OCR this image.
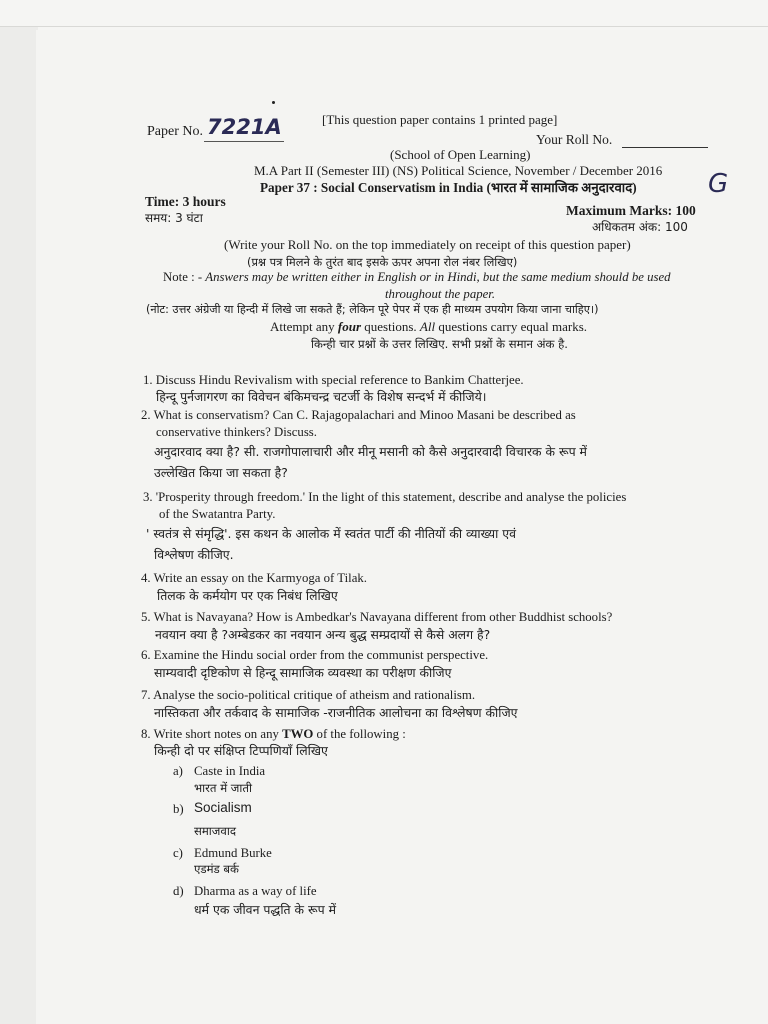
Paper No. 7221A	[This question paper contains 1 printed page]
Your Roll No.
(School of Open Learning)
M.A Part II (Semester III) (NS) Political Science, November / December 2016
Paper 37 : Social Conservatism in India (भारत में सामाजिक अनुदारवाद)	G
Time: 3 hours
समय: 3 घंटा	Maximum Marks: 100
अधिकतम अंक: 100
(Write your Roll No. on the top immediately on receipt of this question paper)
(प्रश्न पत्र मिलने के तुरंत बाद इसके ऊपर अपना रोल नंबर लिखिए)
Note : - Answers may be written either in English or in Hindi, but the same medium should be used
throughout the paper.
(नोट: उत्तर अंग्रेजी या हिन्दी में लिखे जा सकते हैं; लेकिन पूरे पेपर में एक ही माध्यम उपयोग किया जाना चाहिए।)
Attempt any four questions. All questions carry equal marks.
किन्ही चार प्रश्नों के उत्तर लिखिए. सभी प्रश्नों के समान अंक है.
1. Discuss Hindu Revivalism with special reference to Bankim Chatterjee.
हिन्दू पुर्नजागरण का विवेचन बंकिमचन्द्र चटर्जी के विशेष सन्दर्भ में कीजिये।
2. What is conservatism? Can C. Rajagopalachari and Minoo Masani be described as
conservative thinkers? Discuss.
अनुदारवाद क्या है? सी. राजगोपालाचारी और मीनू मसानी को कैसे अनुदारवादी विचारक के रूप में
उल्लेखित किया जा सकता है?
3. 'Prosperity through freedom.' In the light of this statement, describe and analyse the policies
of the Swatantra Party.
' स्वतंत्र से संमृद्धि'. इस कथन के आलोक में स्वतंत पार्टी की नीतियों की व्याख्या एवं
विश्लेषण कीजिए.
4. Write an essay on the Karmyoga of Tilak.
तिलक के कर्मयोग पर एक निबंध लिखिए
5. What is Navayana? How is Ambedkar's Navayana different from other Buddhist schools?
नवयान क्या है ?अम्बेडकर का नवयान अन्य बुद्ध सम्प्रदायों से कैसे अलग है?
6. Examine the Hindu social order from the communist perspective.
साम्यवादी दृष्टिकोण से हिन्दू सामाजिक व्यवस्था का परीक्षण कीजिए
7. Analyse the socio-political critique of atheism and rationalism.
नास्तिकता और तर्कवाद के सामाजिक -राजनीतिक आलोचना का विश्लेषण कीजिए
8. Write short notes on any TWO of the following :
किन्ही दो पर संक्षिप्त टिप्पणियाँ लिखिए
a) Caste in India
भारत में जाती
b) Socialism
समाजवाद
c) Edmund Burke
एडमंड बर्क
d) Dharma as a way of life
धर्म एक जीवन पद्धति के रूप में
